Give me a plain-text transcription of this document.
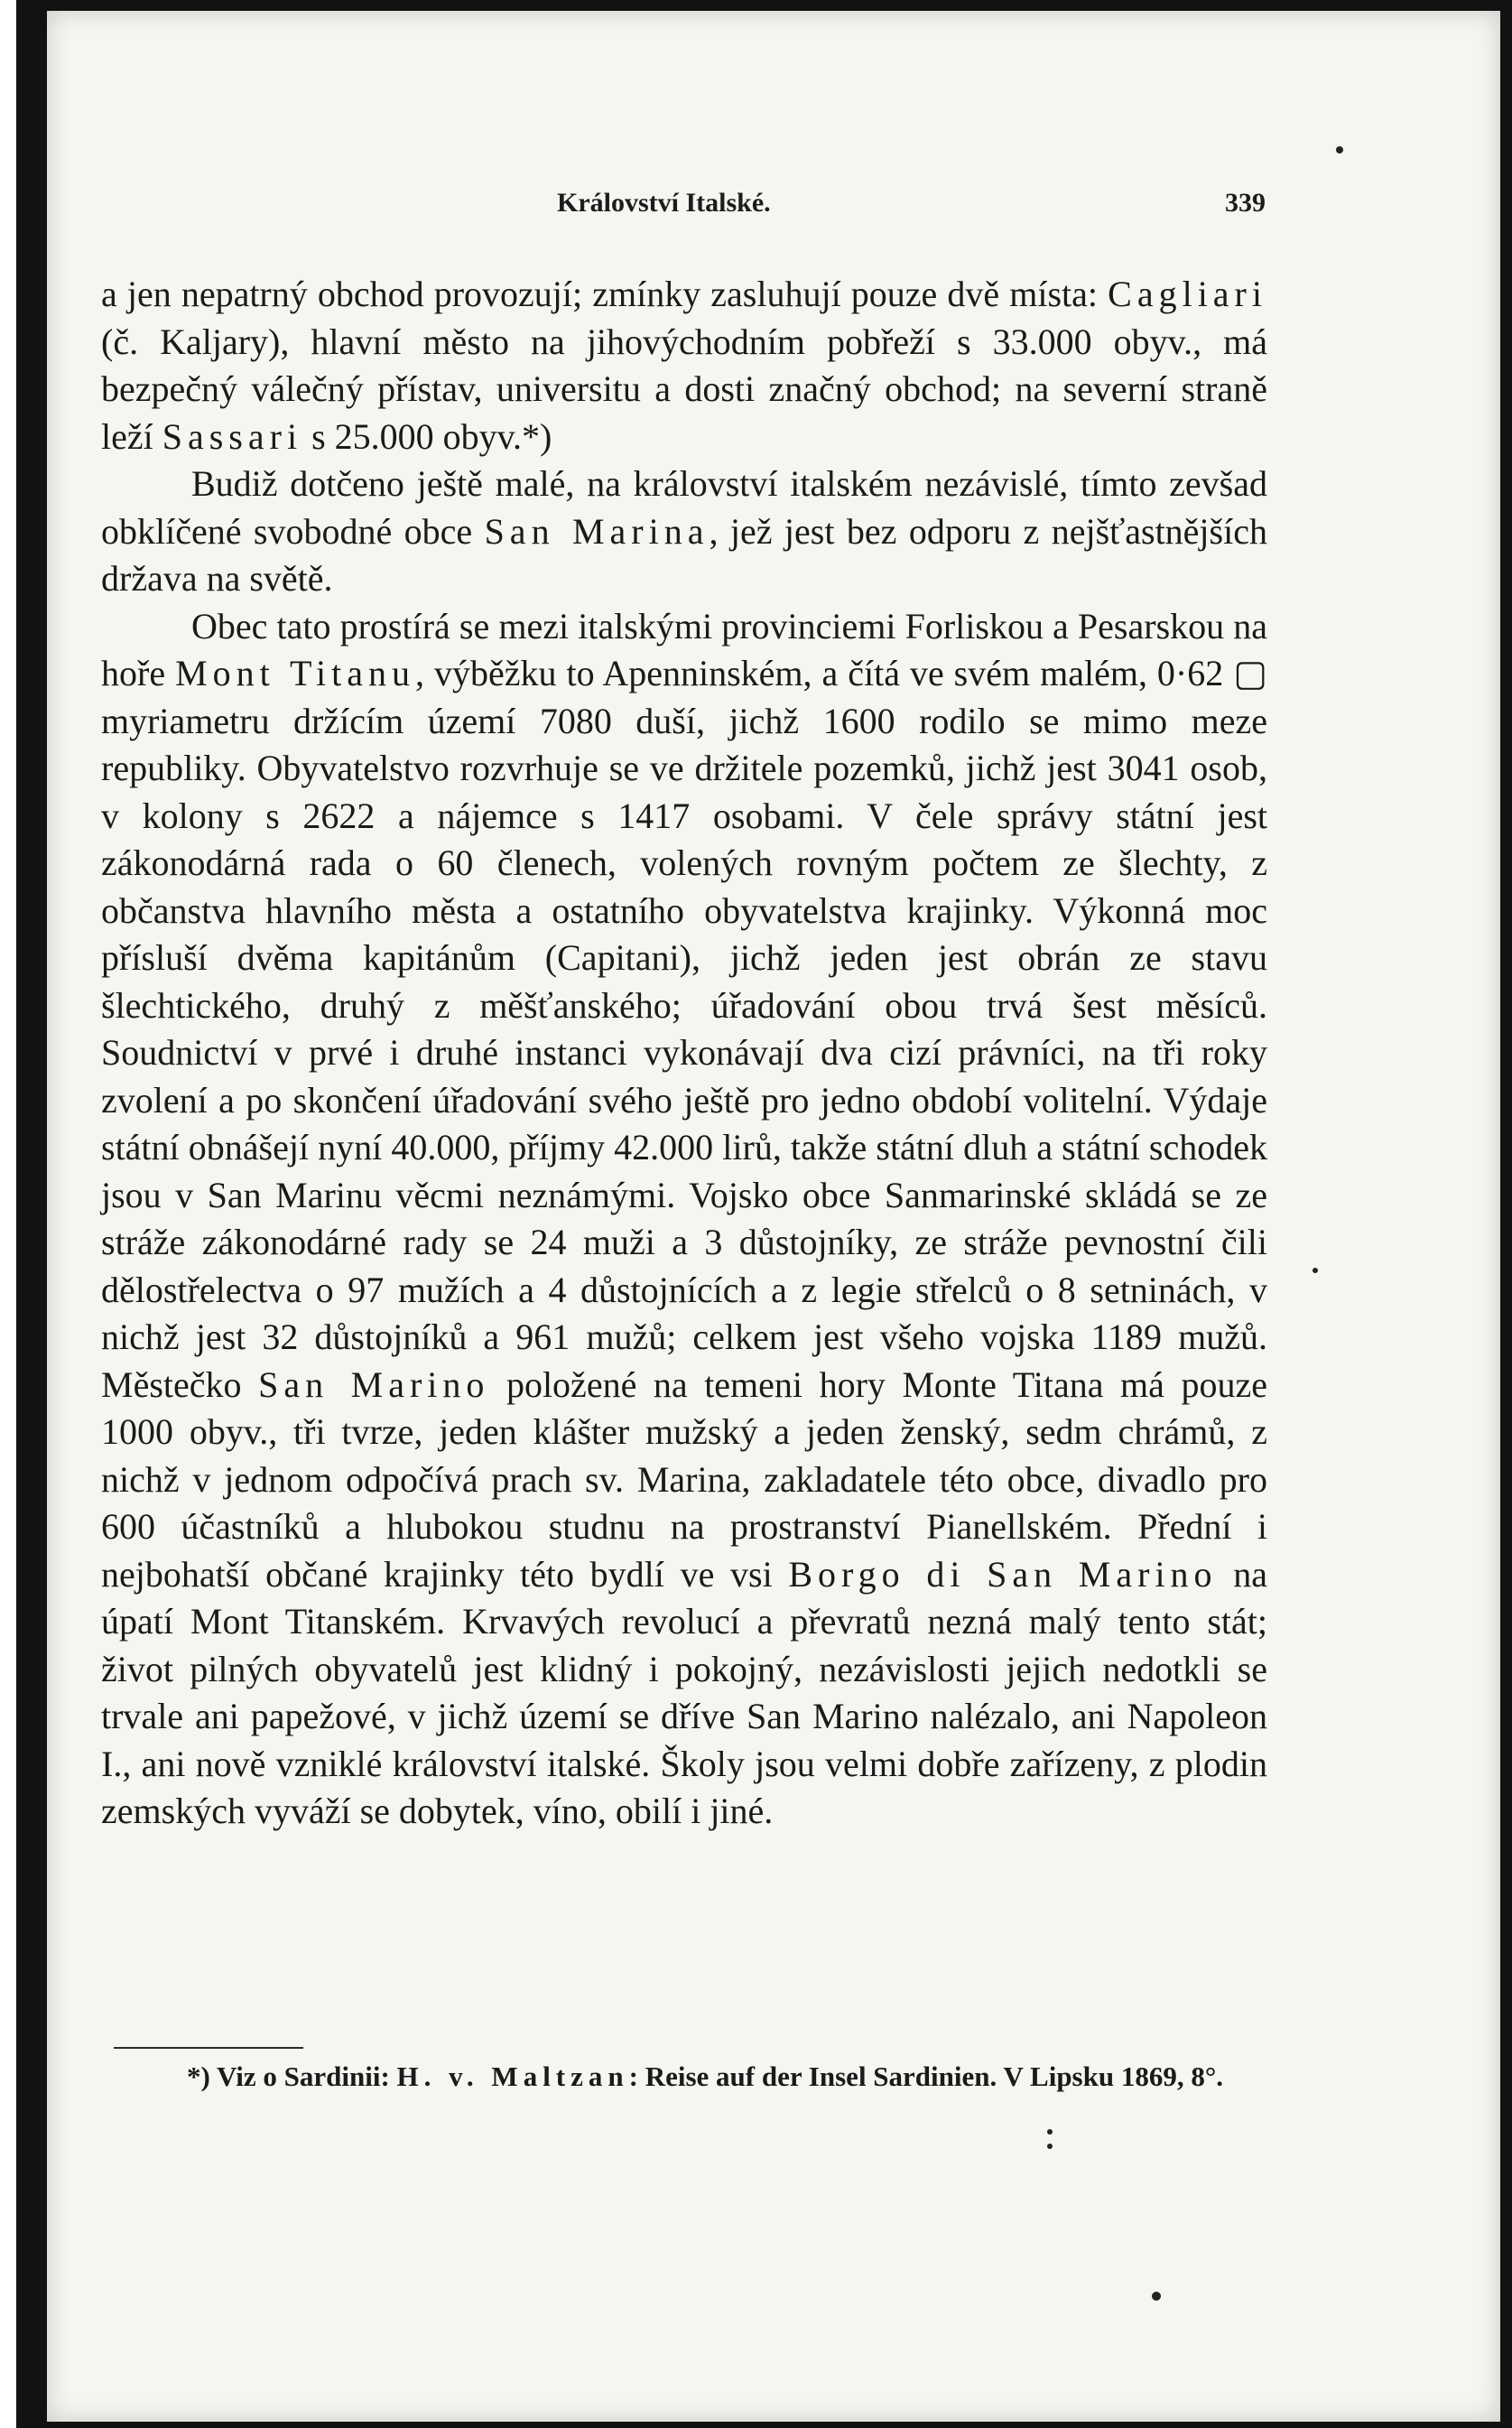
Království Italské.	339

a jen nepatrný obchod provozují; zmínky zasluhují pouze dvě místa: Cagliari (č. Kaljary), hlavní město na jihovýchodním pobřeží s 33.000 obyv., má bezpečný válečný přístav, universitu a dosti značný obchod; na severní straně leží Sassari s 25.000 obyv.*)

Budiž dotčeno ještě malé, na království italském nezávislé, tímto zevšad obklíčené svobodné obce San Marina, jež jest bez odporu z nejšťastnějších država na světě.

Obec tato prostírá se mezi italskými provinciemi Forliskou a Pesarskou na hoře Mont Titanu, výběžku to Apenninském, a čítá ve svém malém, 0·62 ▢ myriametru držícím území 7080 duší, jichž 1600 rodilo se mimo meze republiky. Obyvatelstvo rozvrhuje se ve držitele pozemků, jichž jest 3041 osob, v kolony s 2622 a nájemce s 1417 osobami. V čele správy státní jest zákonodárná rada o 60 členech, volených rovným počtem ze šlechty, z občanstva hlavního města a ostatního obyvatelstva krajinky. Výkonná moc přísluší dvěma kapitánům (Capitani), jichž jeden jest obrán ze stavu šlechtického, druhý z měšťanského; úřadování obou trvá šest měsíců. Soudnictví v prvé i druhé instanci vykonávají dva cizí právníci, na tři roky zvolení a po skončení úřadování svého ještě pro jedno období volitelní. Výdaje státní obnášejí nyní 40.000, příjmy 42.000 lirů, takže státní dluh a státní schodek jsou v San Marinu věcmi neznámými. Vojsko obce Sanmarinské skládá se ze stráže zákonodárné rady se 24 muži a 3 důstojníky, ze stráže pevnostní čili dělostřelectva o 97 mužích a 4 důstojnících a z legie střelců o 8 setninách, v nichž jest 32 důstojníků a 961 mužů; celkem jest všeho vojska 1189 mužů. Městečko San Marino položené na temeni hory Monte Titana má pouze 1000 obyv., tři tvrze, jeden klášter mužský a jeden ženský, sedm chrámů, z nichž v jednom odpočívá prach sv. Marina, zakladatele této obce, divadlo pro 600 účastníků a hlubokou studnu na prostranství Pianellském. Přední i nejbohatší občané krajinky této bydlí ve vsi Borgo di San Marino na úpatí Mont Titanském. Krvavých revolucí a převratů nezná malý tento stát; život pilných obyvatelů jest klidný i pokojný, nezávislosti jejich nedotkli se trvale ani papežové, v jichž území se dříve San Marino nalézalo, ani Napoleon I., ani nově vzniklé království italské. Školy jsou velmi dobře zařízeny, z plodin zemských vyváží se dobytek, víno, obilí i jiné.

*) Viz o Sardinii: H. v. Maltzan: Reise auf der Insel Sardinien. V Lipsku 1869, 8°.
